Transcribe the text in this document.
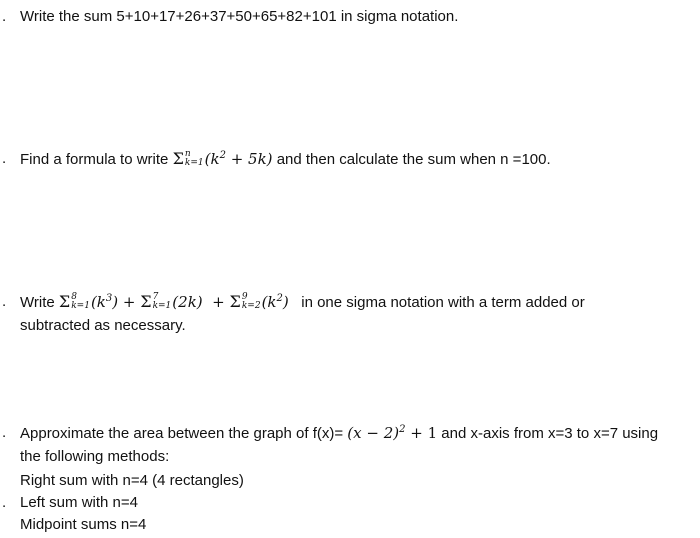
. Write the sum 5+10+17+26+37+50+65+82+101 in sigma notation.
. Find a formula to write Σ n
k=1 $(k^2 + 5k)$ and then calculate the sum when n =100.
. Write Σ 8
k=1 $(k^3) + \Sigma$ 7
k=1 (2k)  + Σ 9
k=2 $(k^2)$   in one sigma notation with a term added or
subtracted as necessary.
. Approximate the area between the graph of $f(x)= (x - 2)^2 + 1$ and x-axis from x=3 to x=7 using
the following methods:
Right sum with n=4 (4 rectangles)
. Left sum with n=4
Midpoint sums n=4
